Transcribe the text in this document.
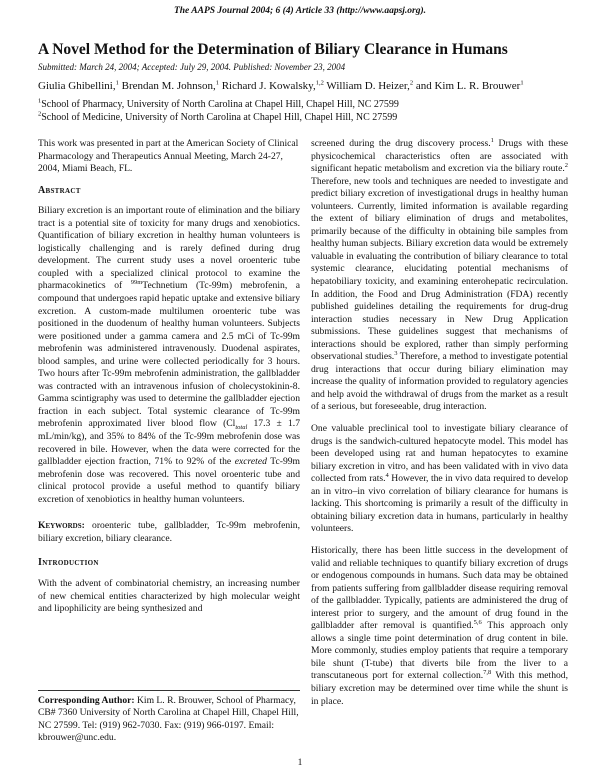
The AAPS Journal 2004; 6 (4) Article 33 (http://www.aapsj.org).
A Novel Method for the Determination of Biliary Clearance in Humans
Submitted: March 24, 2004; Accepted: July 29, 2004. Published: November 23, 2004
Giulia Ghibellini,$^1$ Brendan M. Johnson,$^1$ Richard J. Kowalsky,$^{1,2}$ William D. Heizer,$^2$ and Kim L. R. Brouwer$^1$
$^1$School of Pharmacy, University of North Carolina at Chapel Hill, Chapel Hill, NC 27599
$^2$School of Medicine, University of North Carolina at Chapel Hill, Chapel Hill, NC 27599

This work was presented in part at the American Society of Clinical Pharmacology and Therapeutics Annual Meeting, March 24-27, 2004, Miami Beach, FL.

Abstract

Biliary excretion is an important route of elimination and the biliary tract is a potential site of toxicity for many drugs and xenobiotics. Quantification of biliary excretion in healthy human volunteers is logistically challenging and is rarely defined during drug development. The current study uses a novel oroenteric tube coupled with a specialized clinical protocol to examine the pharmacokinetics of $^{99m}$Technetium (Tc-99m) mebrofenin, a compound that undergoes rapid hepatic uptake and extensive biliary excretion. A custom-made multilumen oroenteric tube was positioned in the duodenum of healthy human volunteers. Subjects were positioned under a gamma camera and 2.5 mCi of Tc-99m mebrofenin was administered intravenously. Duodenal aspirates, blood samples, and urine were collected periodically for 3 hours. Two hours after Tc-99m mebrofenin administration, the gallbladder was contracted with an intravenous infusion of cholecystokinin-8. Gamma scintigraphy was used to determine the gallbladder ejection fraction in each subject. Total systemic clearance of Tc-99m mebrofenin approximated liver blood flow ($Cl_{total}$ 17.3 ± 1.7 mL/min/kg), and 35% to 84% of the Tc-99m mebrofenin dose was recovered in bile. However, when the data were corrected for the gallbladder ejection fraction, 71% to 92% of the excreted Tc-99m mebrofenin dose was recovered. This novel oroenteric tube and clinical protocol provide a useful method to quantify biliary excretion of xenobiotics in healthy human volunteers.

Keywords: oroenteric tube, gallbladder, Tc-99m mebrofenin, biliary excretion, biliary clearance.

Introduction

With the advent of combinatorial chemistry, an increasing number of new chemical entities characterized by high molecular weight and lipophilicity are being synthesized and

Corresponding Author: Kim L. R. Brouwer, School of Pharmacy, CB# 7360 University of North Carolina at Chapel Hill, Chapel Hill, NC 27599. Tel: (919) 962-7030. Fax: (919) 966-0197. Email: kbrouwer@unc.edu.

screened during the drug discovery process.$^1$ Drugs with these physicochemical characteristics often are associated with significant hepatic metabolism and excretion via the biliary route.$^2$ Therefore, new tools and techniques are needed to investigate and predict biliary excretion of investigational drugs in healthy human volunteers. Currently, limited information is available regarding the extent of biliary elimination of drugs and metabolites, primarily because of the difficulty in obtaining bile samples from healthy human subjects. Biliary excretion data would be extremely valuable in evaluating the contribution of biliary clearance to total systemic clearance, elucidating potential mechanisms of hepatobiliary toxicity, and examining enterohepatic recirculation. In addition, the Food and Drug Administration (FDA) recently published guidelines detailing the requirements for drug-drug interaction studies necessary in New Drug Application submissions. These guidelines suggest that mechanisms of interactions should be explored, rather than simply performing observational studies.$^3$ Therefore, a method to investigate potential drug interactions that occur during biliary elimination may increase the quality of information provided to regulatory agencies and help avoid the withdrawal of drugs from the market as a result of a serious, but foreseeable, drug interaction.

One valuable preclinical tool to investigate biliary clearance of drugs is the sandwich-cultured hepatocyte model. This model has been developed using rat and human hepatocytes to examine biliary excretion in vitro, and has been validated with in vivo data collected from rats.$^4$ However, the in vivo data required to develop an in vitro–in vivo correlation of biliary clearance for humans is lacking. This shortcoming is primarily a result of the difficulty in obtaining biliary excretion data in humans, particularly in healthy volunteers.

Historically, there has been little success in the development of valid and reliable techniques to quantify biliary excretion of drugs or endogenous compounds in humans. Such data may be obtained from patients suffering from gallbladder disease requiring removal of the gallbladder. Typically, patients are administered the drug of interest prior to surgery, and the amount of drug found in the gallbladder after removal is quantified.$^{5,6}$ This approach only allows a single time point determination of drug content in bile. More commonly, studies employ patients that require a temporary bile shunt (T-tube) that diverts bile from the liver to a transcutaneous port for external collection.$^{7,8}$ With this method, biliary excretion may be determined over time while the shunt is in place.

1
